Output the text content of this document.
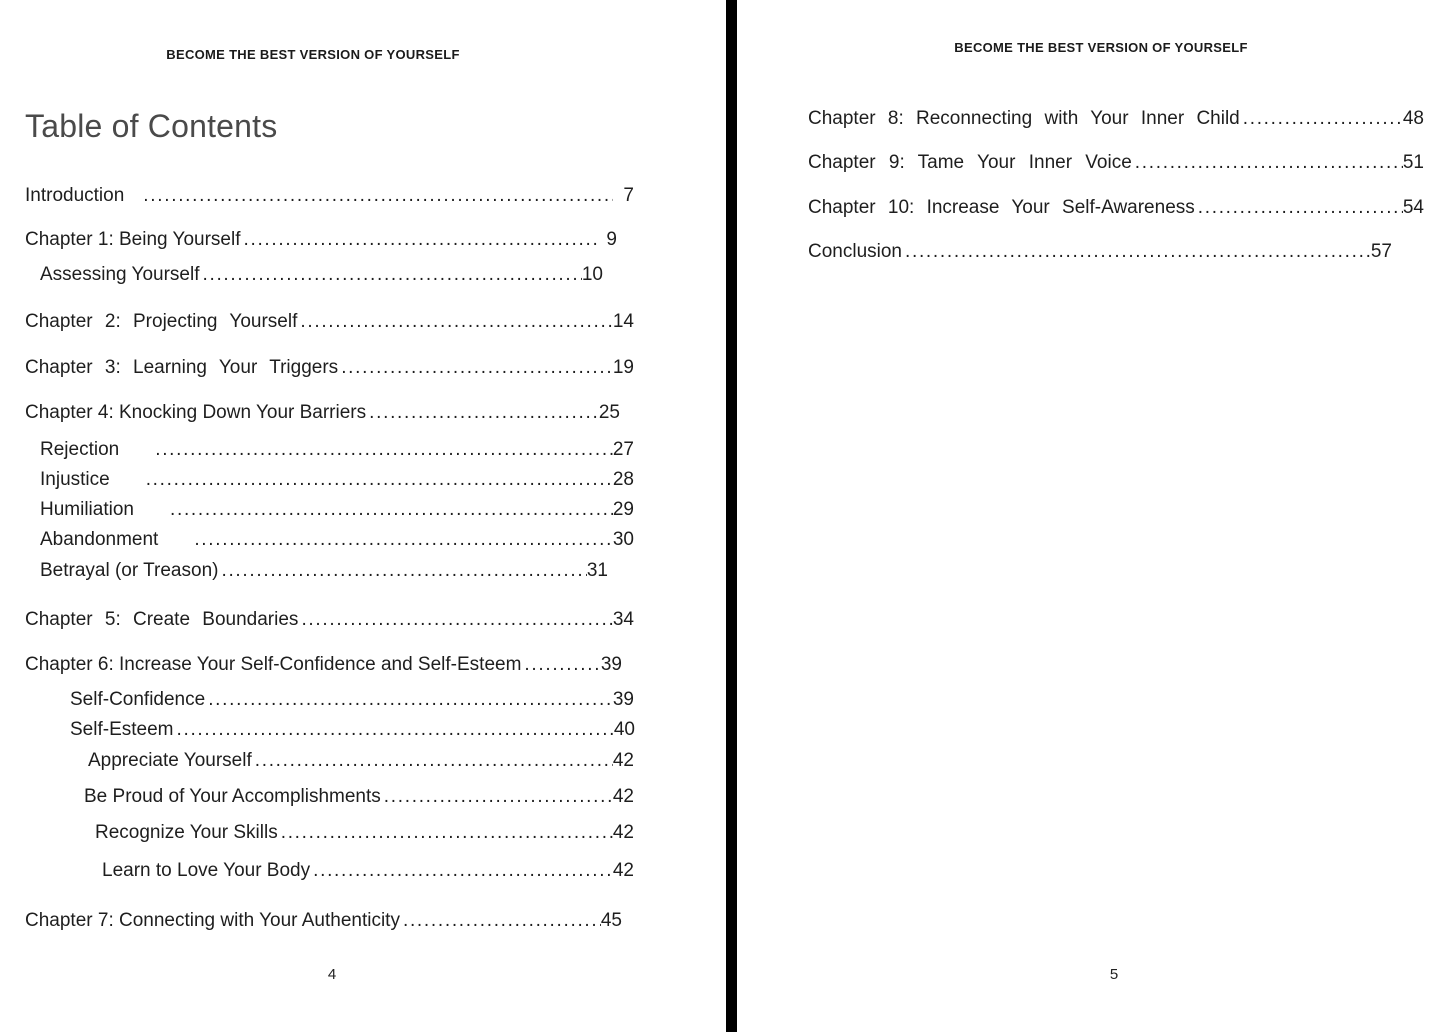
BECOME THE BEST VERSION OF YOURSELF	BECOME THE BEST VERSION OF YOURSELF
Table of Contents
Introduction .....	7
Chapter 1: Being Yourself .....	9
Assessing Yourself .....	10
Chapter 2: Projecting Yourself .....	14
Chapter 3: Learning Your Triggers .....	19
Chapter 4: Knocking Down Your Barriers .....	25
Rejection .....	27
Injustice .....	28
Humiliation .....	29
Abandonment .....	30
Betrayal (or Treason) .....	31
Chapter 5: Create Boundaries .....	34
Chapter 6: Increase Your Self-Confidence and Self-Esteem .....	39
Self-Confidence .....	39
Self-Esteem .....	40
Appreciate Yourself .....	42
Be Proud of Your Accomplishments .....	42
Recognize Your Skills .....	42
Learn to Love Your Body .....	42
Chapter 7: Connecting with Your Authenticity .....	45
Chapter 8: Reconnecting with Your Inner Child .....	48
Chapter 9: Tame Your Inner Voice .....	51
Chapter 10: Increase Your Self-Awareness .....	54
Conclusion .....	57
4	5
